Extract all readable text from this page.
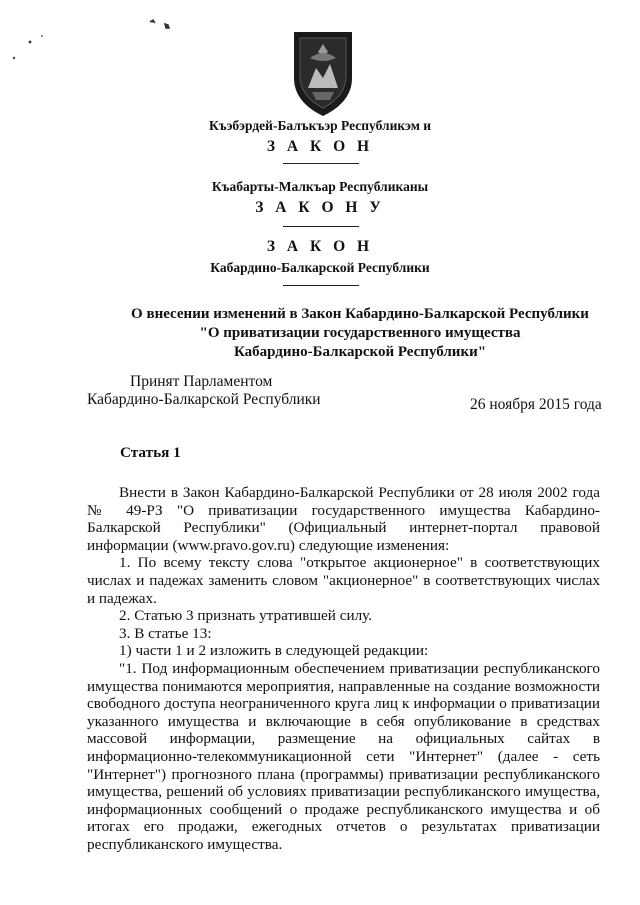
Къэбэрдей-Балъкъэр Республикэм и
З А К О Н
Къабарты-Малкъар Республиканы
З А К О Н У
З А К О Н
Кабардино-Балкарской Республики
О внесении изменений в Закон Кабардино-Балкарской Республики
"О приватизации государственного имущества
Кабардино-Балкарской Республики"
Принят Парламентом
Кабардино-Балкарской Республики	26 ноября 2015 года
Статья 1

Внести в Закон Кабардино-Балкарской Республики от 28 июля 2002 года № 49-РЗ "О приватизации государственного имущества Кабардино-Балкарской Республики" (Официальный интернет-портал правовой информации (www.pravo.gov.ru) следующие изменения:

1. По всему тексту слова "открытое акционерное" в соответствующих числах и падежах заменить словом "акционерное" в соответствующих числах и падежах.

2. Статью 3 признать утратившей силу.

3. В статье 13:

1) части 1 и 2 изложить в следующей редакции:

"1. Под информационным обеспечением приватизации республиканского имущества понимаются мероприятия, направленные на создание возможности свободного доступа неограниченного круга лиц к информации о приватизации указанного имущества и включающие в себя опубликование в средствах массовой информации, размещение на официальных сайтах в информационно-телекоммуникационной сети "Интернет" (далее - сеть "Интернет") прогнозного плана (программы) приватизации республиканского имущества, решений об условиях приватизации республиканского имущества, информационных сообщений о продаже республиканского имущества и об итогах его продажи, ежегодных отчетов о результатах приватизации республиканского имущества.
